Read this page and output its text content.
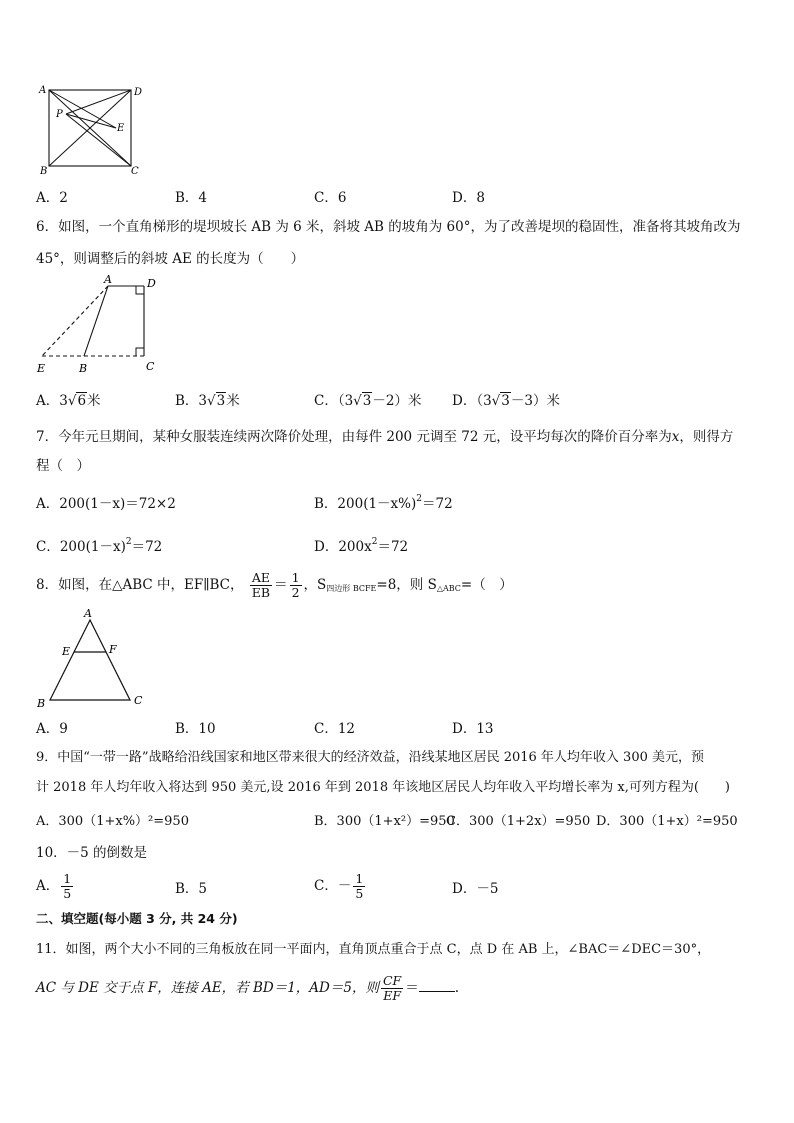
A	D
P
E
B	C
A．2	B．4	C．6	D．8
6．如图，一个直角梯形的堤坝坡长 AB 为 6 米，斜坡 AB 的坡角为 60°，为了改善堤坝的稳固性，准备将其坡角改为
45°，则调整后的斜坡 AE 的长度为（　　）
A	D
E	B	C
A．3√6米	B．3√3米	C．（3√3－2）米 D．（3√3－3）米
7．今年元旦期间，某种女服装连续两次降价处理，由每件 200 元调至 72 元，设平均每次的降价百分率为x，则得方
程（　）
A．200(1－x)＝72×2	B．$200(1-x\%)^2=72$
C．$200(1-x)^2=72$	D．$200x^2=72$
8．如图，在△ABC 中，EF∥BC， $\frac{AE}{EB} = \frac{1}{2}$ ，$S_{四边形 BCFE}=8$，则 $S_{\triangle ABC}=$（　）
A
E	F
B	C
A．9	B．10	C．12	D．13
9．中国“一带一路”战略给沿线国家和地区带来很大的经济效益，沿线某地区居民 2016 年人均年收入 300 美元，预
计 2018 年人均年收入将达到 950 美元,设 2016 年到 2018 年该地区居民人均年收入平均增长率为 x,可列方程为(　　)
A．300（1+x%）²=950	B．300（1+x²）=950
C．300（1+2x）=950 D．300（1+x）²=950
10．－5 的倒数是
A． $\frac{1}{5}$	B．5	C．－ $\frac{1}{5}$	D．－5
二、填空题(每小题 3 分, 共 24 分)
11．如图，两个大小不同的三角板放在同一平面内，直角顶点重合于点 C，点 D 在 AB 上，∠BAC＝∠DEC＝30°，
AC 与 DE 交于点 F，连接 AE，若 BD＝1，AD＝5，则 $\frac{CF}{EF}$ ＝	.
